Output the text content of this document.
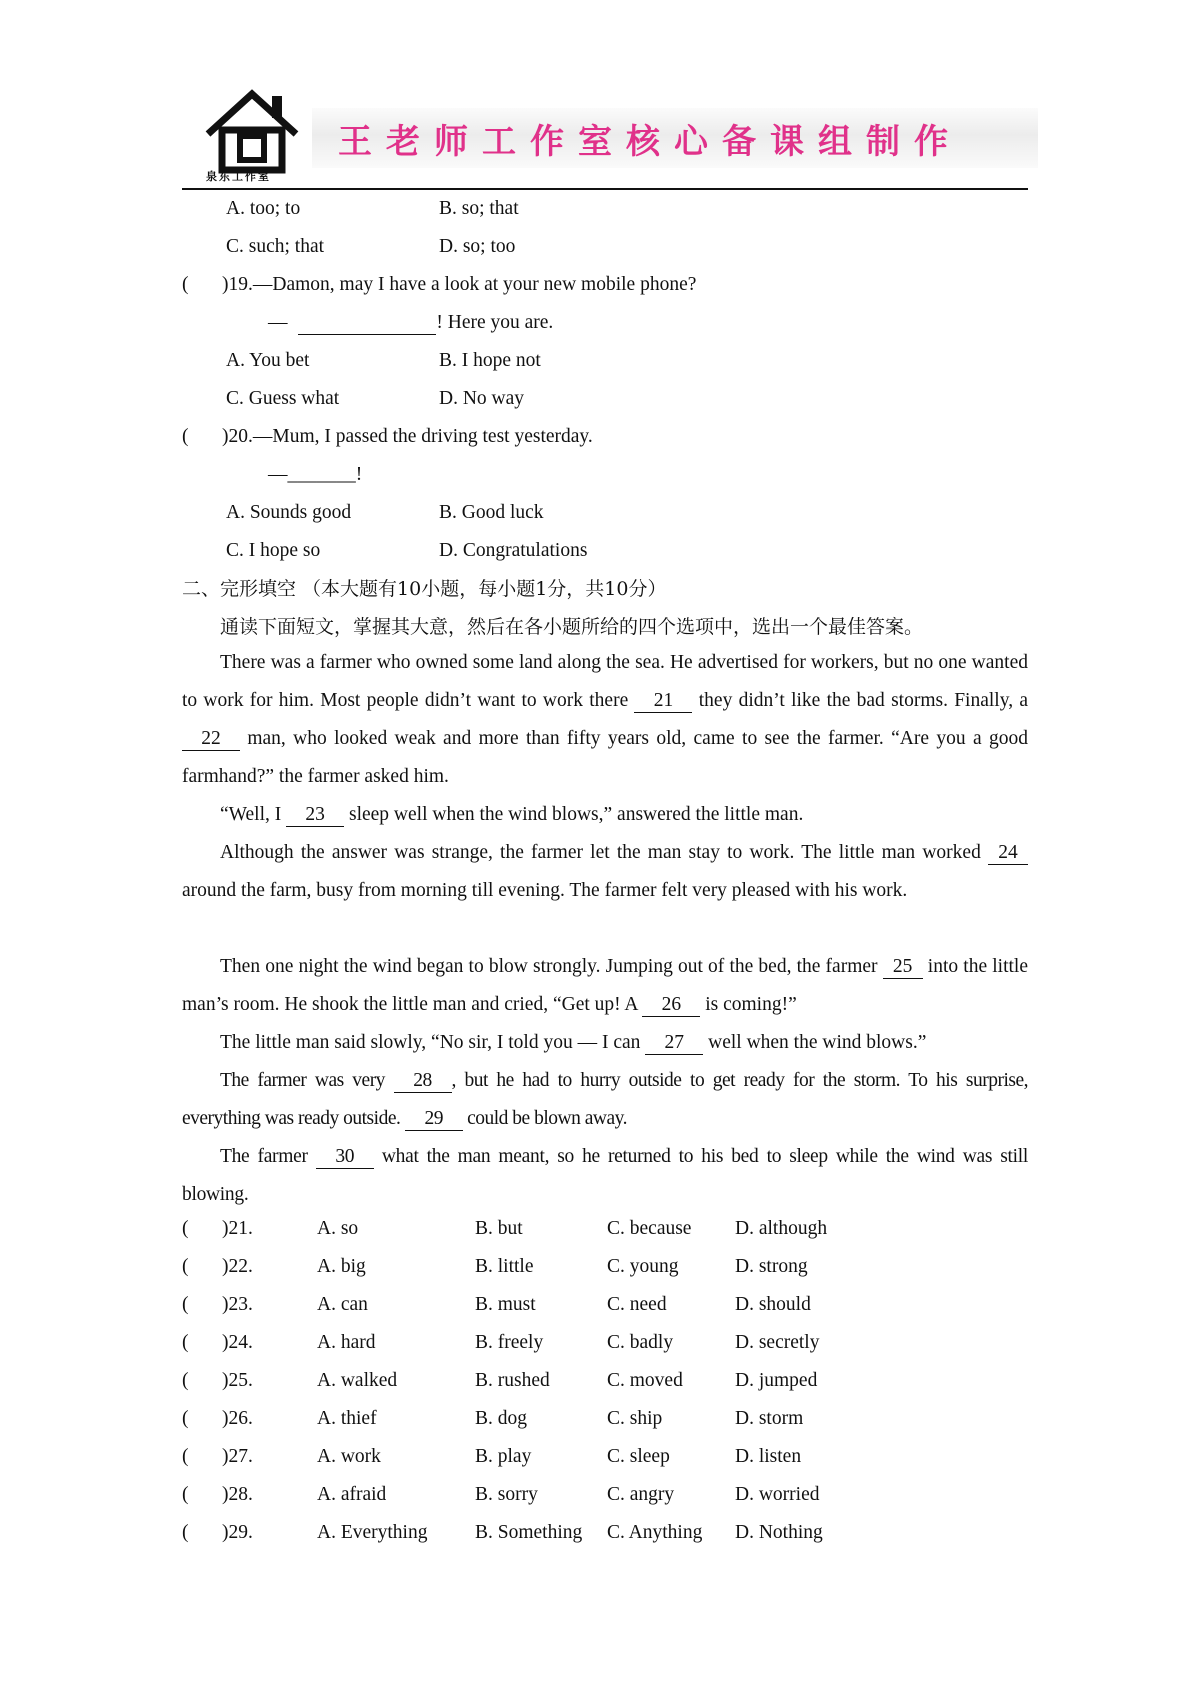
泉东工作室
王老师工作室核心备课组制作
A. too; to	B. so; that
C. such; that	D. so; too
( )19.—Damon, may I have a look at your new mobile phone?
—	! Here you are.
A. You bet	B. I hope not
C. Guess what	D. No way
( )20.—Mum, I passed the driving test yesterday.
—_______!
A. Sounds good	B. Good luck
C. I hope so	D. Congratulations
二、完形填空 （本大题有10小题，每小题1分，共10分）
通读下面短文，掌握其大意，然后在各小题所给的四个选项中，选出一个最佳答案。
There was a farmer who owned some land along the sea. He advertised for workers, but no one wanted to work for him. Most people didn’t want to work there 21 they didn’t like the bad storms. Finally, a 22 man, who looked weak and more than fifty years old, came to see the farmer. “Are you a good farmhand?” the farmer asked him.
“Well, I 23 sleep well when the wind blows,” answered the little man.
Although the answer was strange, the farmer let the man stay to work. The little man worked 24 around the farm, busy from morning till evening. The farmer felt very pleased with his work.
Then one night the wind began to blow strongly. Jumping out of the bed, the farmer 25 into the little man’s room. He shook the little man and cried, “Get up! A 26 is coming!”
The little man said slowly, “No sir, I told you — I can 27 well when the wind blows.”
The farmer was very 28 , but he had to hurry outside to get ready for the storm. To his surprise, everything was ready outside. 29 could be blown away.
The farmer 30 what the man meant, so he returned to his bed to sleep while the wind was still blowing.
( )21.	A. so	B. but	C. because D. although
( )22.	A. big	B. little	C. young	D. strong
( )23.	A. can	B. must	C. need	D. should
( )24.	A. hard	B. freely	C. badly	D. secretly
( )25.	A. walked	B. rushed	C. moved	D. jumped
( )26.	A. thief	B. dog	C. ship	D. storm
( )27.	A. work	B. play	C. sleep	D. listen
( )28.	A. afraid	B. sorry	C. angry	D. worried
( )29.	A. Everything B. Something C. Anything D. Nothing
